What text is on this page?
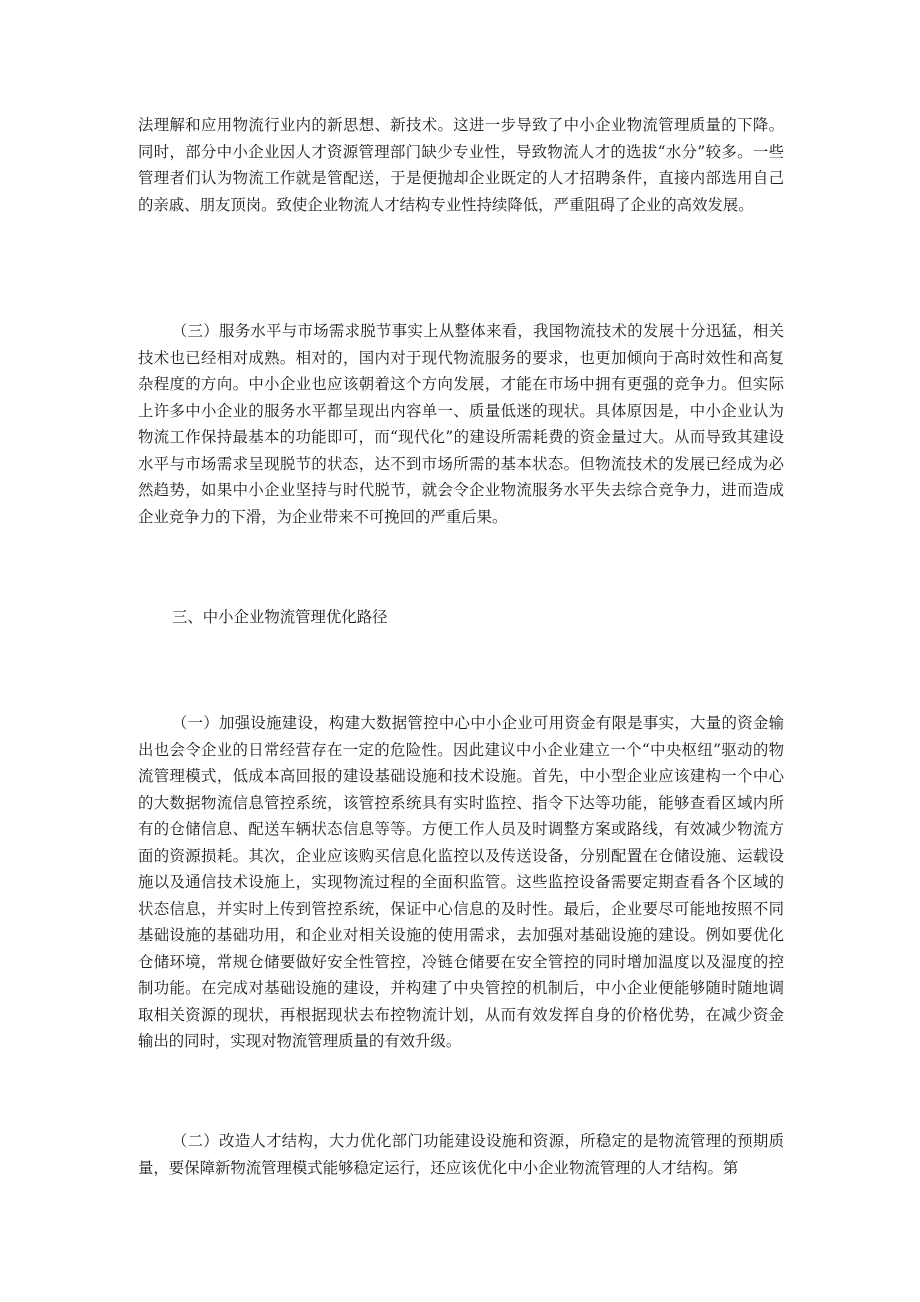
法理解和应用物流行业内的新思想、新技术。这进一步导致了中小企业物流管理质量的下降。同时，部分中小企业因人才资源管理部门缺少专业性，导致物流人才的选拔“水分”较多。一些管理者们认为物流工作就是管配送，于是便抛却企业既定的人才招聘条件，直接内部选用自己的亲戚、朋友顶岗。致使企业物流人才结构专业性持续降低，严重阻碍了企业的高效发展。

（三）服务水平与市场需求脱节事实上从整体来看，我国物流技术的发展十分迅猛，相关技术也已经相对成熟。相对的，国内对于现代物流服务的要求，也更加倾向于高时效性和高复杂程度的方向。中小企业也应该朝着这个方向发展，才能在市场中拥有更强的竞争力。但实际上许多中小企业的服务水平都呈现出内容单一、质量低迷的现状。具体原因是，中小企业认为物流工作保持最基本的功能即可，而“现代化”的建设所需耗费的资金量过大。从而导致其建设水平与市场需求呈现脱节的状态，达不到市场所需的基本状态。但物流技术的发展已经成为必然趋势，如果中小企业坚持与时代脱节，就会令企业物流服务水平失去综合竞争力，进而造成企业竞争力的下滑，为企业带来不可挽回的严重后果。

三、中小企业物流管理优化路径

（一）加强设施建设，构建大数据管控中心中小企业可用资金有限是事实，大量的资金输出也会令企业的日常经营存在一定的危险性。因此建议中小企业建立一个“中央枢纽”驱动的物流管理模式，低成本高回报的建设基础设施和技术设施。首先，中小型企业应该建构一个中心的大数据物流信息管控系统，该管控系统具有实时监控、指令下达等功能，能够查看区域内所有的仓储信息、配送车辆状态信息等等。方便工作人员及时调整方案或路线，有效减少物流方面的资源损耗。其次，企业应该购买信息化监控以及传送设备，分别配置在仓储设施、运载设施以及通信技术设施上，实现物流过程的全面积监管。这些监控设备需要定期查看各个区域的状态信息，并实时上传到管控系统，保证中心信息的及时性。最后，企业要尽可能地按照不同基础设施的基础功用，和企业对相关设施的使用需求，去加强对基础设施的建设。例如要优化仓储环境，常规仓储要做好安全性管控，冷链仓储要在安全管控的同时增加温度以及湿度的控制功能。在完成对基础设施的建设，并构建了中央管控的机制后，中小企业便能够随时随地调取相关资源的现状，再根据现状去布控物流计划，从而有效发挥自身的价格优势，在减少资金输出的同时，实现对物流管理质量的有效升级。

（二）改造人才结构，大力优化部门功能建设设施和资源，所稳定的是物流管理的预期质量，要保障新物流管理模式能够稳定运行，还应该优化中小企业物流管理的人才结构。第
